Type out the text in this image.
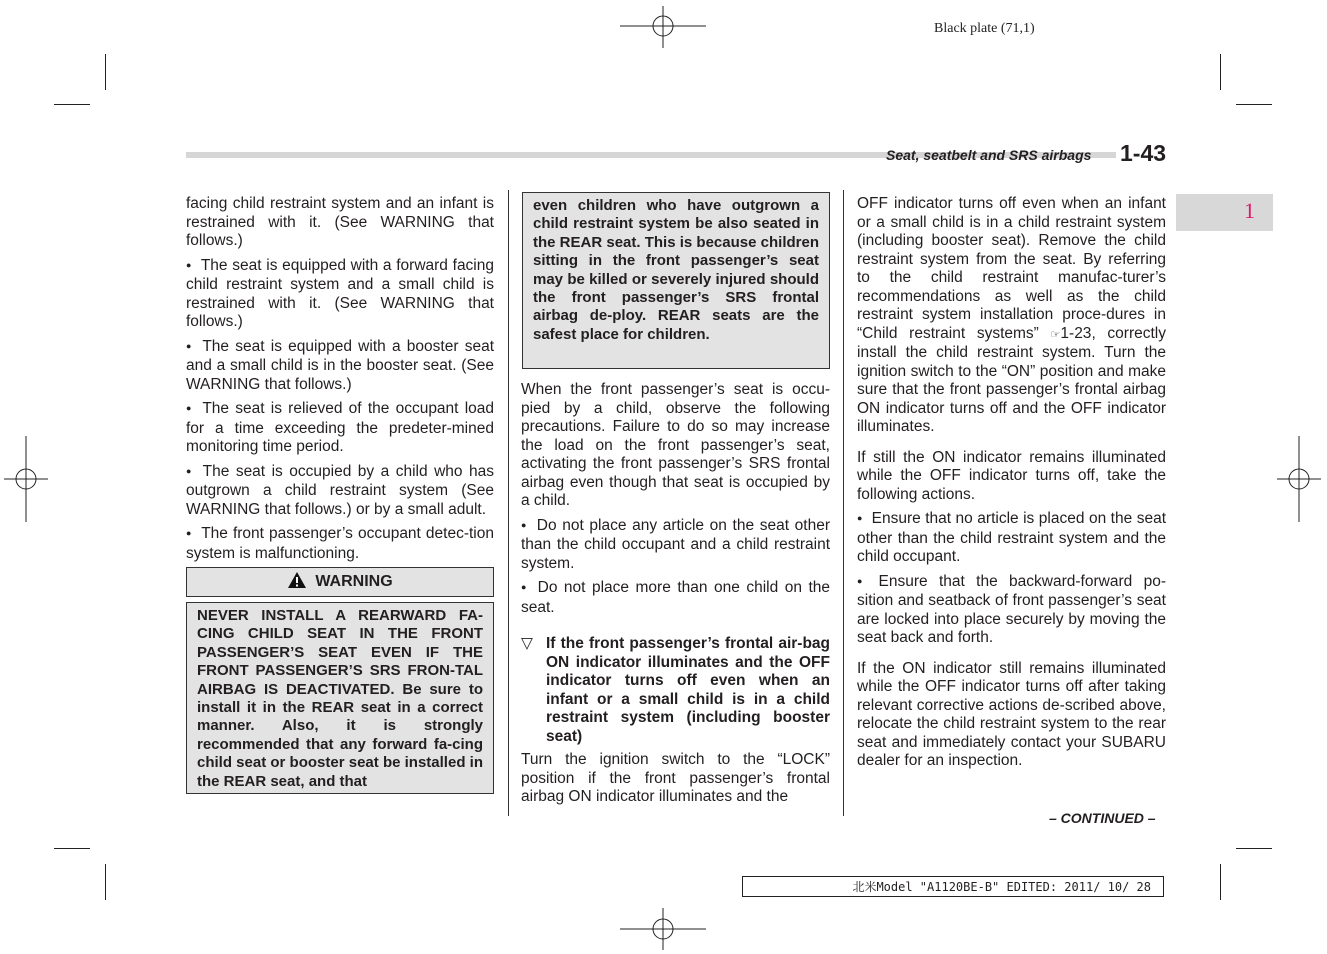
Black plate (71,1)
Seat, seatbelt and SRS airbags 1-43
1

facing child restraint system and an infant is restrained with it. (See WARNING that follows.)

● The seat is equipped with a forward facing child restraint system and a small child is restrained with it. (See WARNING that follows.)

● The seat is equipped with a booster seat and a small child is in the booster seat. (See WARNING that follows.)

● The seat is relieved of the occupant load for a time exceeding the predeter-mined monitoring time period.

● The seat is occupied by a child who has outgrown a child restraint system (See WARNING that follows.) or by a small adult.

● The front passenger’s occupant detec-tion system is malfunctioning.

WARNING
NEVER INSTALL A REARWARD FA-CING CHILD SEAT IN THE FRONT PASSENGER’S SEAT EVEN IF THE FRONT PASSENGER’S SRS FRON-TAL AIRBAG IS DEACTIVATED. Be sure to install it in the REAR seat in a correct manner. Also, it is strongly recommended that any forward fa-cing child seat or booster seat be installed in the REAR seat, and that
even children who have outgrown a child restraint system be also seated in the REAR seat. This is because children sitting in the front passenger’s seat may be killed or severely injured should the front passenger’s SRS frontal airbag de-ploy. REAR seats are the safest place for children.

When the front passenger’s seat is occu-pied by a child, observe the following precautions. Failure to do so may increase the load on the front passenger’s seat, activating the front passenger’s SRS frontal airbag even though that seat is occupied by a child.

● Do not place any article on the seat other than the child occupant and a child restraint system.

● Do not place more than one child on the seat.

▽ If the front passenger’s frontal air-bag ON indicator illuminates and the OFF indicator turns off even when an infant or a small child is in a child restraint system (including booster seat)

Turn the ignition switch to the “LOCK” position if the front passenger’s frontal airbag ON indicator illuminates and the

OFF indicator turns off even when an infant or a small child is in a child restraint system (including booster seat). Remove the child restraint system from the seat. By referring to the child restraint manufac-turer’s recommendations as well as the child restraint system installation proce-dures in “Child restraint systems” ☞1-23, correctly install the child restraint system. Turn the ignition switch to the “ON” position and make sure that the front passenger’s frontal airbag ON indicator turns off and the OFF indicator illuminates.

If still the ON indicator remains illuminated while the OFF indicator turns off, take the following actions.

● Ensure that no article is placed on the seat other than the child restraint system and the child occupant.

● Ensure that the backward-forward po-sition and seatback of front passenger’s seat are locked into place securely by moving the seat back and forth.

If the ON indicator still remains illuminated while the OFF indicator turns off after taking relevant corrective actions de-scribed above, relocate the child restraint system to the rear seat and immediately contact your SUBARU dealer for an inspection.

– CONTINUED –
北米Model "A1120BE-B" EDITED: 2011/ 10/ 28
